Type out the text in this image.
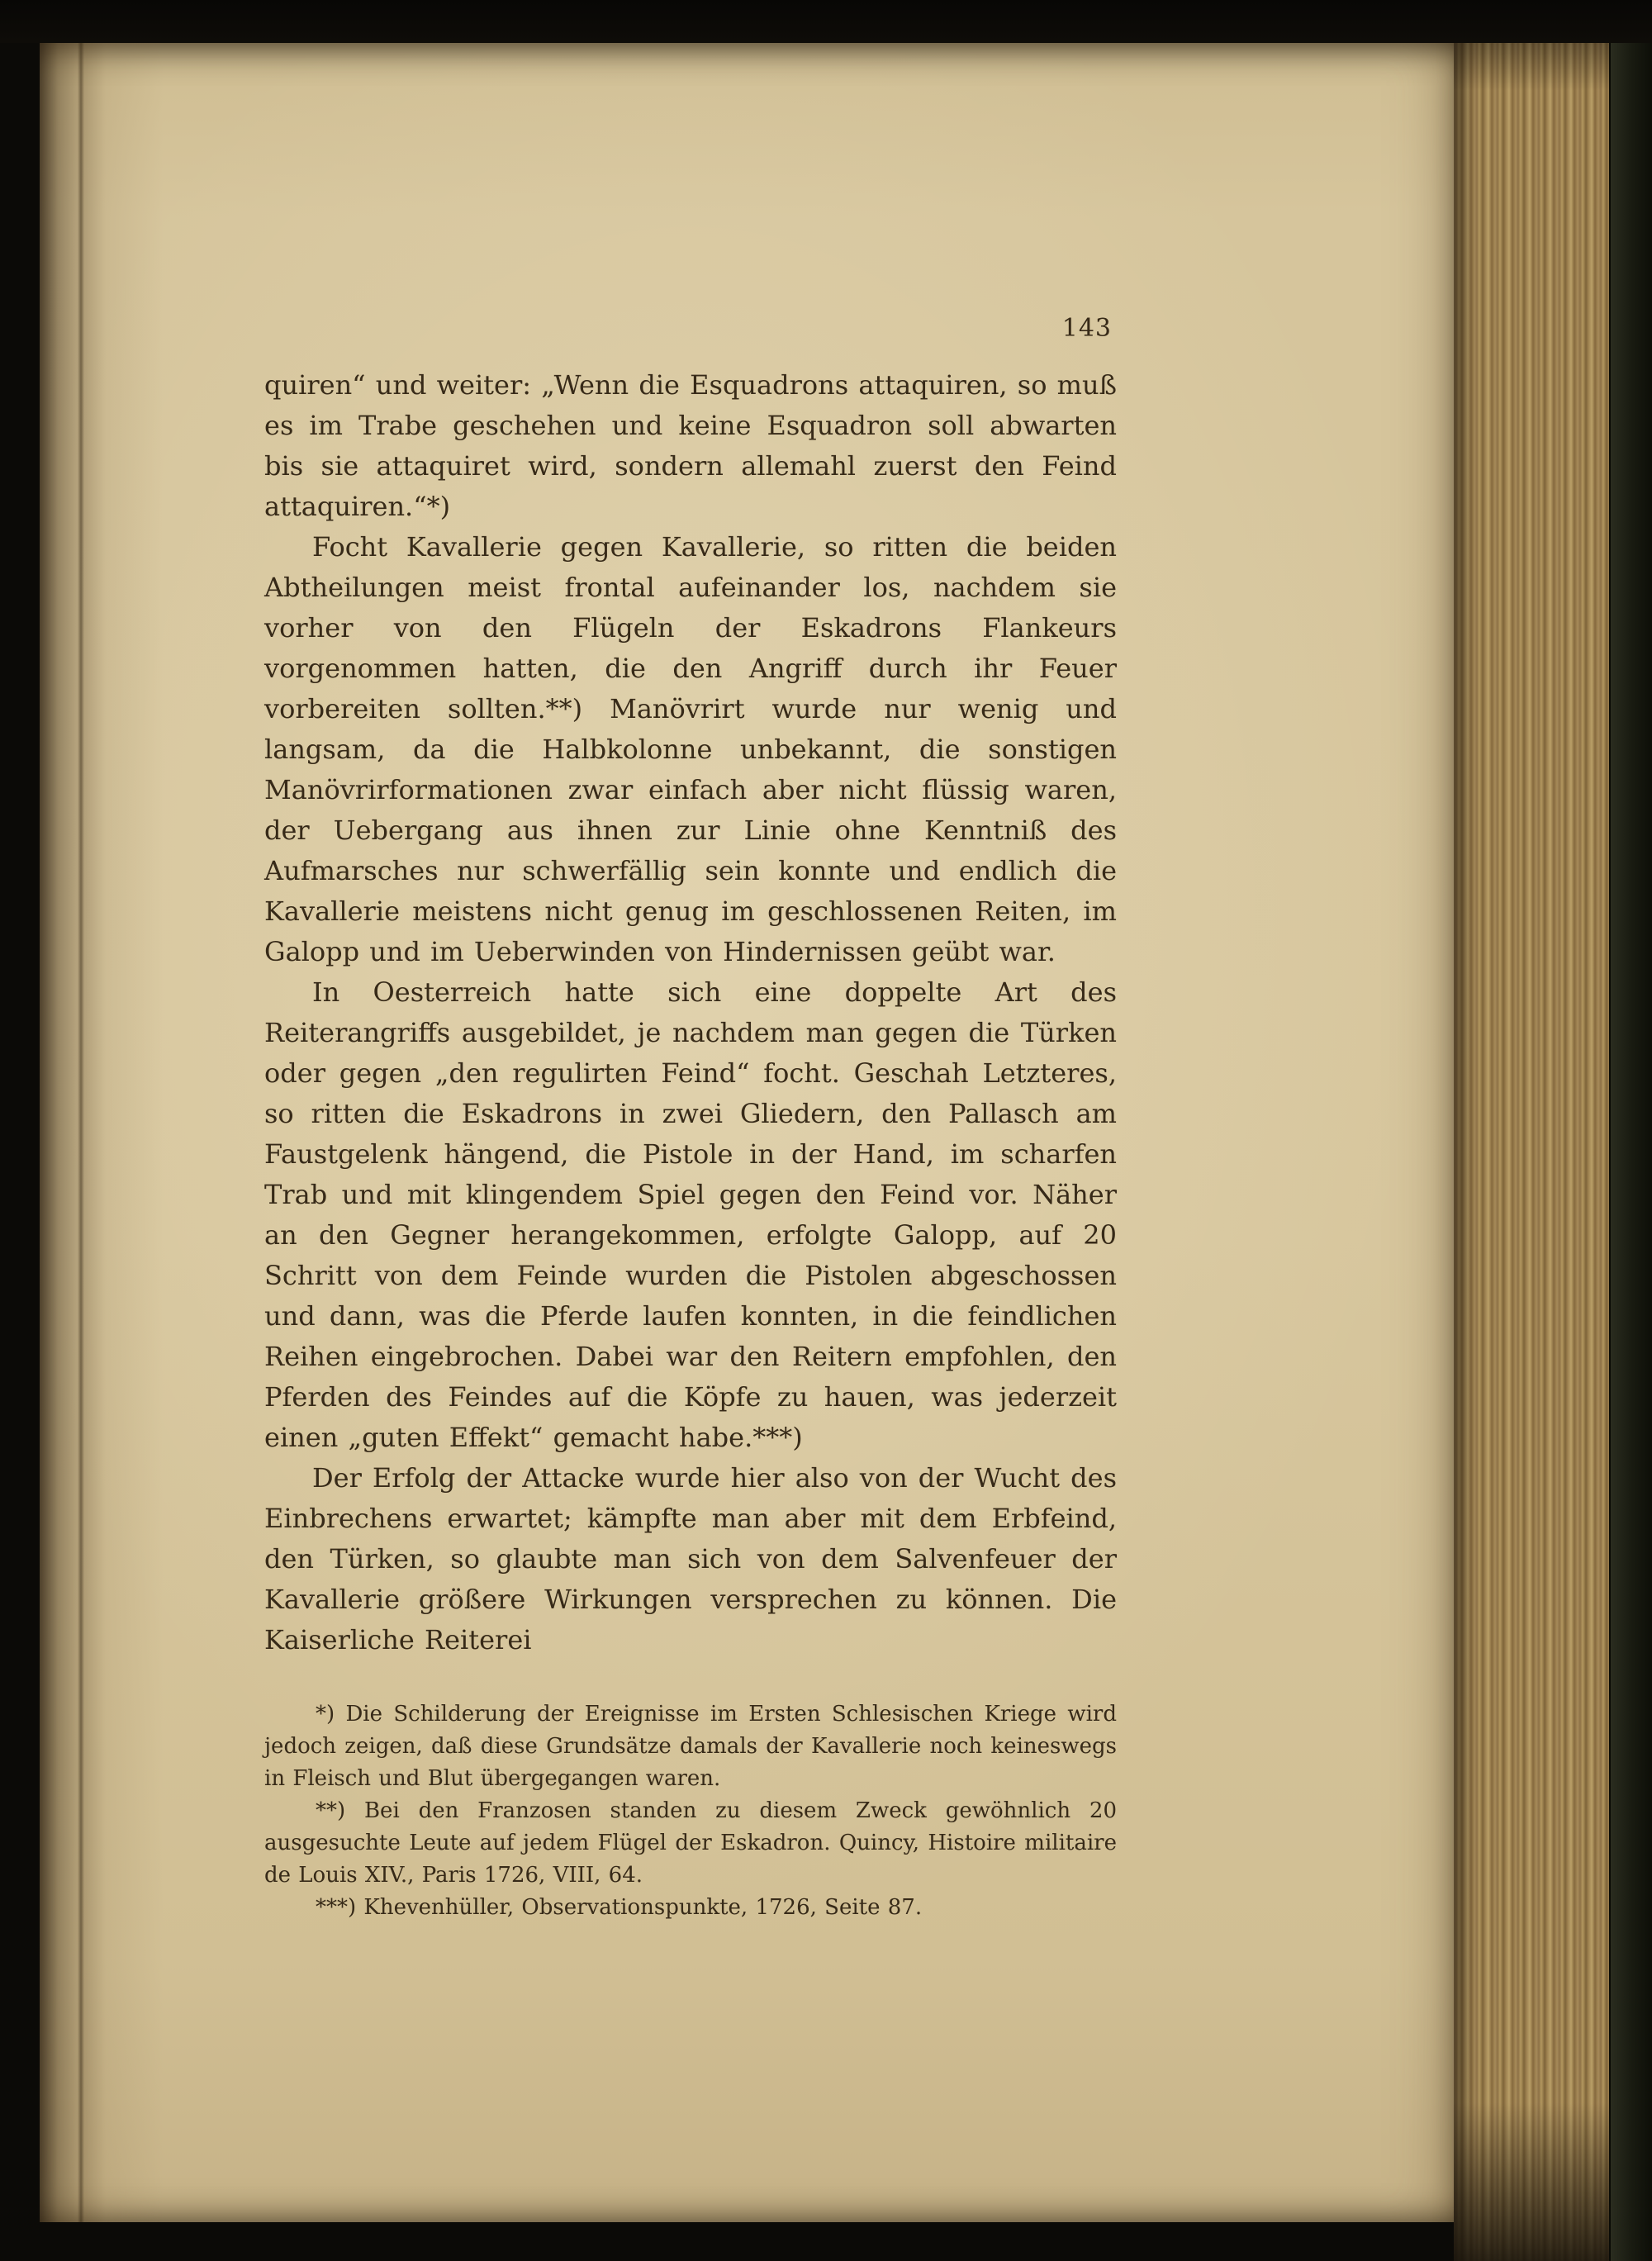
143

quiren“ und weiter: „Wenn die Esquadrons attaquiren, so muß es im Trabe geschehen und keine Esquadron soll abwarten bis sie attaquiret wird, sondern allemahl zuerst den Feind attaquiren.“*)

Focht Kavallerie gegen Kavallerie, so ritten die beiden Abtheilungen meist frontal aufeinander los, nachdem sie vorher von den Flügeln der Eskadrons Flankeurs vorgenommen hatten, die den Angriff durch ihr Feuer vorbereiten sollten.**) Manövrirt wurde nur wenig und langsam, da die Halbkolonne unbekannt, die sonstigen Manövrirformationen zwar einfach aber nicht flüssig waren, der Uebergang aus ihnen zur Linie ohne Kenntniß des Aufmarsches nur schwerfällig sein konnte und endlich die Kavallerie meistens nicht genug im geschlossenen Reiten, im Galopp und im Ueberwinden von Hindernissen geübt war.

In Oesterreich hatte sich eine doppelte Art des Reiterangriffs ausgebildet, je nachdem man gegen die Türken oder gegen „den regulirten Feind“ focht. Geschah Letzteres, so ritten die Eskadrons in zwei Gliedern, den Pallasch am Faustgelenk hängend, die Pistole in der Hand, im scharfen Trab und mit klingendem Spiel gegen den Feind vor. Näher an den Gegner herangekommen, erfolgte Galopp, auf 20 Schritt von dem Feinde wurden die Pistolen abgeschossen und dann, was die Pferde laufen konnten, in die feindlichen Reihen eingebrochen. Dabei war den Reitern empfohlen, den Pferden des Feindes auf die Köpfe zu hauen, was jederzeit einen „guten Effekt“ gemacht habe.***)

Der Erfolg der Attacke wurde hier also von der Wucht des Einbrechens erwartet; kämpfte man aber mit dem Erbfeind, den Türken, so glaubte man sich von dem Salvenfeuer der Kavallerie größere Wirkungen versprechen zu können. Die Kaiserliche Reiterei

*) Die Schilderung der Ereignisse im Ersten Schlesischen Kriege wird jedoch zeigen, daß diese Grundsätze damals der Kavallerie noch keineswegs in Fleisch und Blut übergegangen waren.

**) Bei den Franzosen standen zu diesem Zweck gewöhnlich 20 ausgesuchte Leute auf jedem Flügel der Eskadron. Quincy, Histoire militaire de Louis XIV., Paris 1726, VIII, 64.

***) Khevenhüller, Observationspunkte, 1726, Seite 87.
